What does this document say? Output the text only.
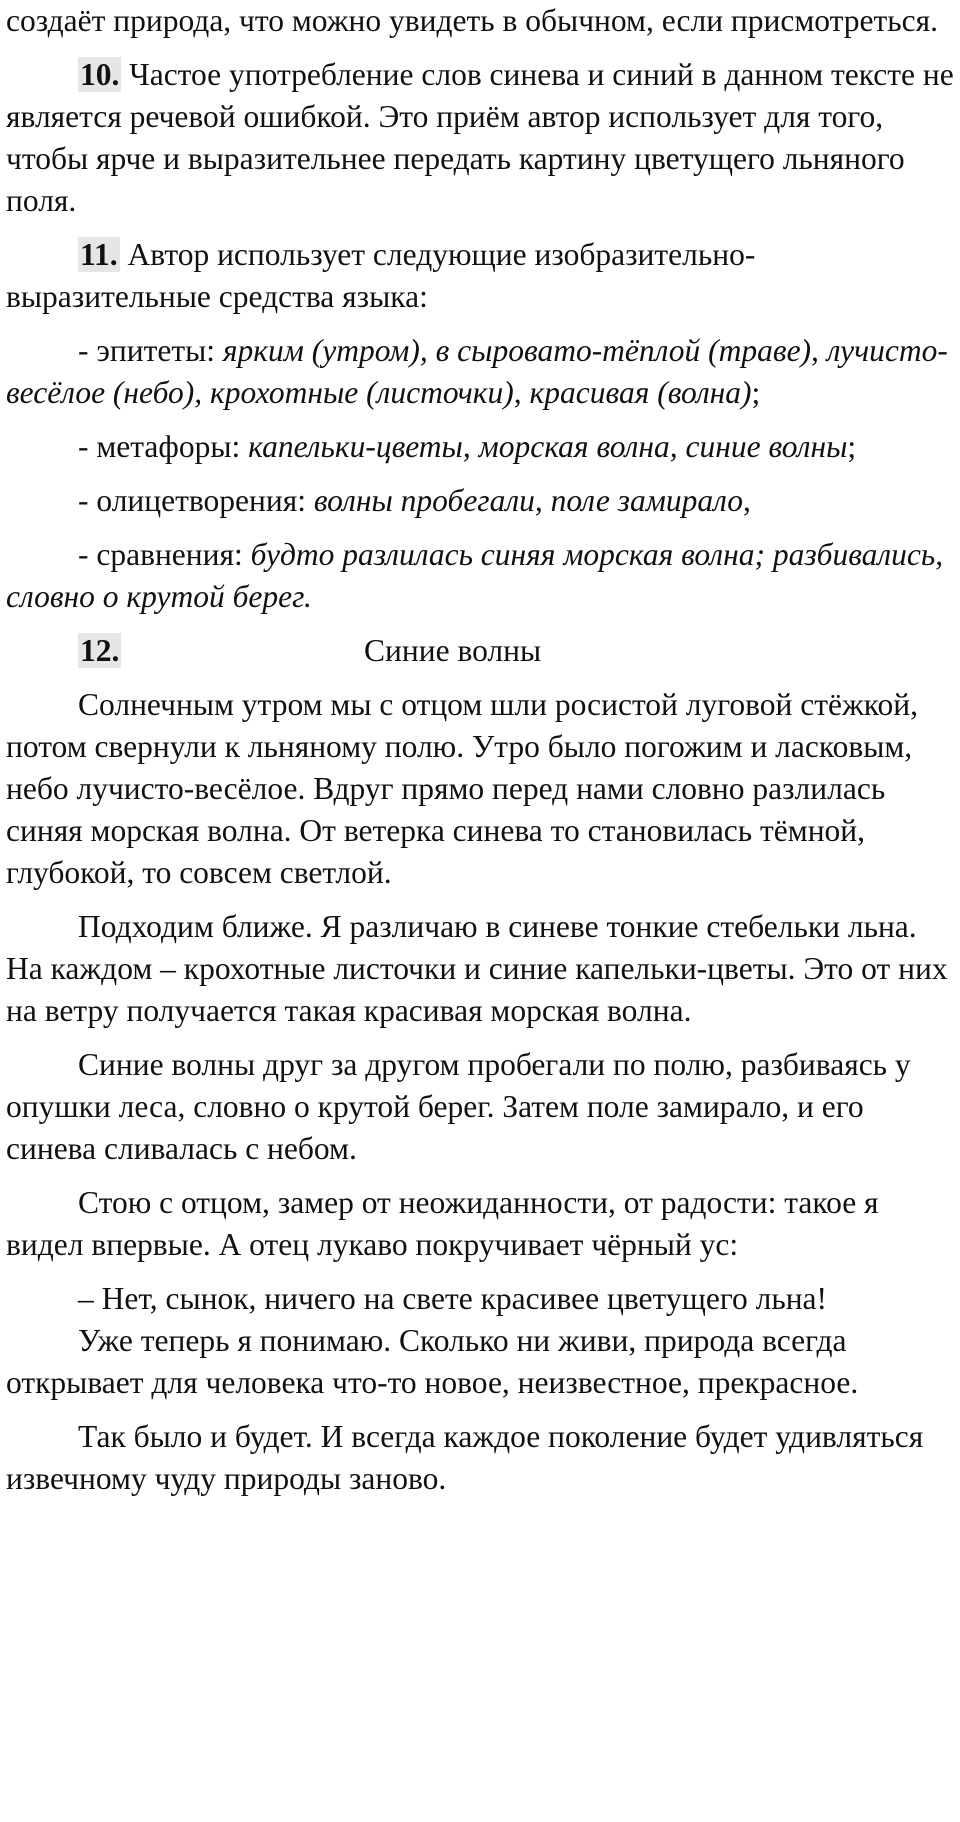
создаёт природа, что можно увидеть в обычном, если присмотреться.

10. Частое употребление слов синева и синий в данном тексте не является речевой ошибкой. Это приём автор использует для того, чтобы ярче и выразительнее передать картину цветущего льняного поля.

11. Автор использует следующие изобразительно-выразительные средства языка:

- эпитеты: ярким (утром), в сыровато-тёплой (траве), лучисто-весёлое (небо), крохотные (листочки), красивая (волна);

- метафоры: капельки-цветы, морская волна, синие волны;

- олицетворения: волны пробегали, поле замирало,

- сравнения: будто разлилась синяя морская волна; разбивались, словно о крутой берег.

12.	Синие волны

Солнечным утром мы с отцом шли росистой луговой стёжкой, потом свернули к льняному полю. Утро было погожим и ласковым, небо лучисто-весёлое. Вдруг прямо перед нами словно разлилась синяя морская волна. От ветерка синева то становилась тёмной, глубокой, то совсем светлой.

Подходим ближе. Я различаю в синеве тонкие стебельки льна. На каждом – крохотные листочки и синие капельки-цветы. Это от них на ветру получается такая красивая морская волна.

Синие волны друг за другом пробегали по полю, разбиваясь у опушки леса, словно о крутой берег. Затем поле замирало, и его синева сливалась с небом.

Стою с отцом, замер от неожиданности, от радости: такое я видел впервые. А отец лукаво покручивает чёрный ус:

– Нет, сынок, ничего на свете красивее цветущего льна!

Уже теперь я понимаю. Сколько ни живи, природа всегда открывает для человека что-то новое, неизвестное, прекрасное.

Так было и будет. И всегда каждое поколение будет удивляться извечному чуду природы заново.
